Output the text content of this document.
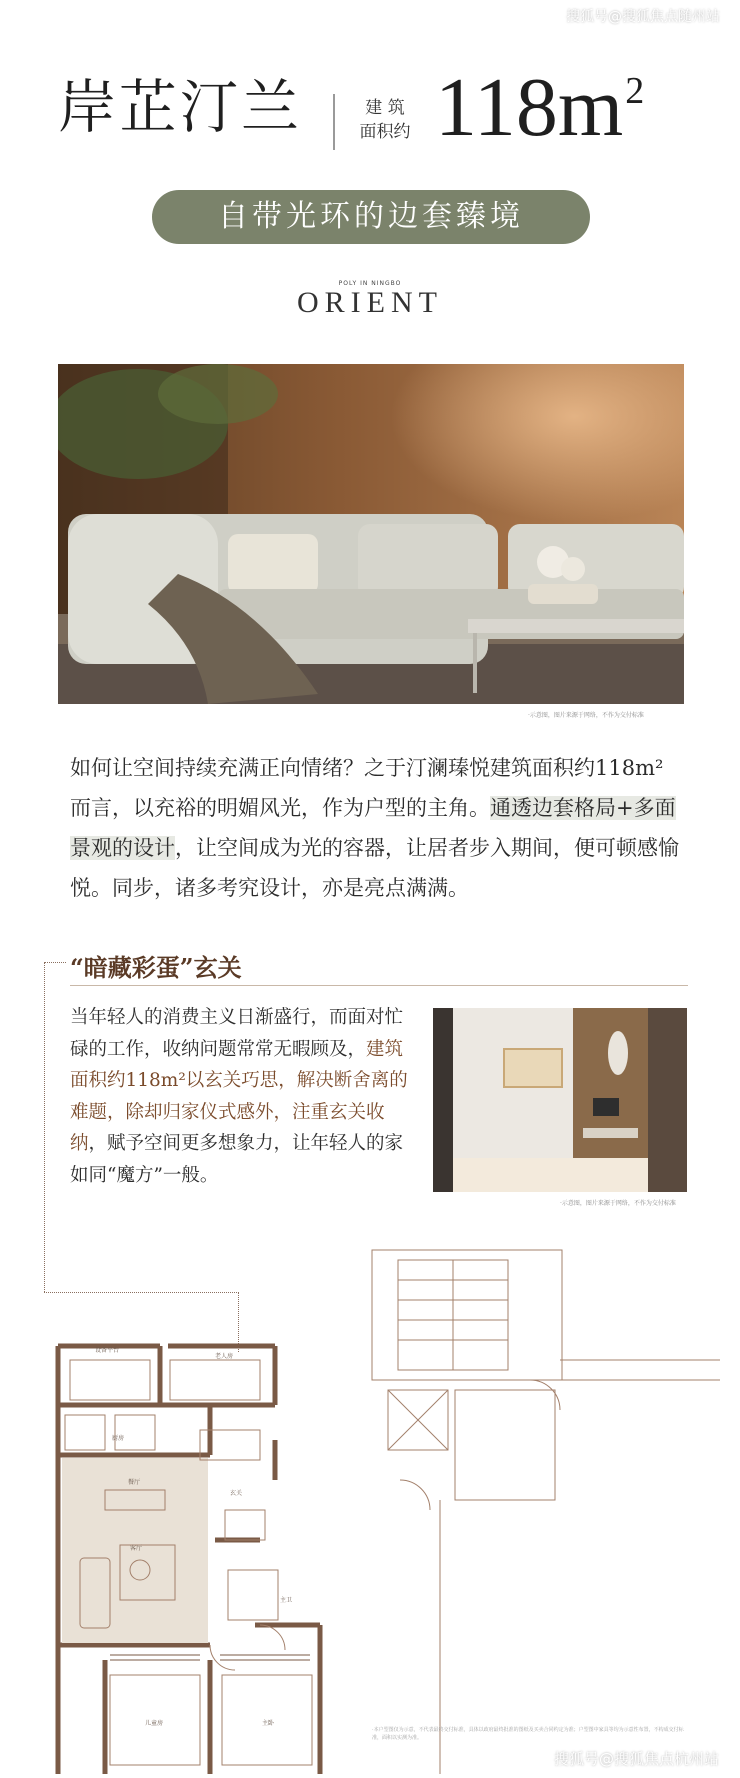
搜狐号@搜狐焦点随州站
岸芷汀兰	建 筑
面积约 $118m^2$
自带光环的边套臻境
POLY IN NINGBO
ORIENT
·示意图，图片来源于网络，不作为交付标准
如何让空间持续充满正向情绪？之于汀澜瑧悦建筑面积约118m²而言，以充裕的明媚风光，作为户型的主角。通透边套格局+多面景观的设计，让空间成为光的容器，让居者步入期间，便可顿感愉悦。同步，诸多考究设计，亦是亮点满满。
“暗藏彩蛋”玄关
当年轻人的消费主义日渐盛行，而面对忙碌的工作，收纳问题常常无暇顾及，建筑面积约118m²以玄关巧思，解决断舍离的难题，除却归家仪式感外，注重玄关收纳，赋予空间更多想象力，让年轻人的家如同“魔方”一般。
·示意图，图片来源于网络，不作为交付标准
设备平台
老人房
厨房
餐厅
客厅
玄关
主卫
儿童房	主卧
·本户型图仅为示意，不代表最终交付标准，具体以政府最终批准的图纸及买卖合同约定为准；户型图中家具等均为示意性布置，不构成交付标准，面积以实测为准。
搜狐号@搜狐焦点杭州站
